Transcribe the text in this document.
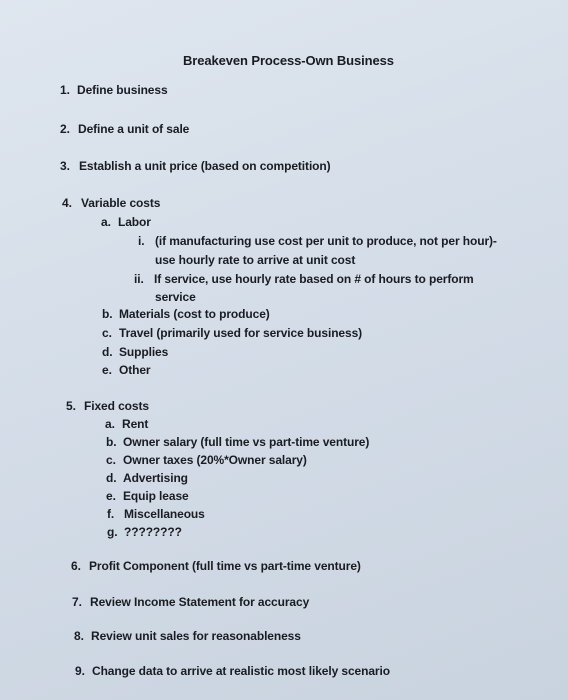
Breakeven Process-Own Business
1. Define business
2. Define a unit of sale
3. Establish a unit price (based on competition)
4. Variable costs
a. Labor
i. (if manufacturing use cost per unit to produce, not per hour)-
use hourly rate to arrive at unit cost
ii. If service, use hourly rate based on # of hours to perform
service
b. Materials (cost to produce)
c. Travel (primarily used for service business)
d. Supplies
e. Other
5. Fixed costs
a. Rent
b. Owner salary (full time vs part-time venture)
c. Owner taxes (20%*Owner salary)
d. Advertising
e. Equip lease
f. Miscellaneous
g. ????????
6. Profit Component (full time vs part-time venture)
7. Review Income Statement for accuracy
8. Review unit sales for reasonableness
9. Change data to arrive at realistic most likely scenario
